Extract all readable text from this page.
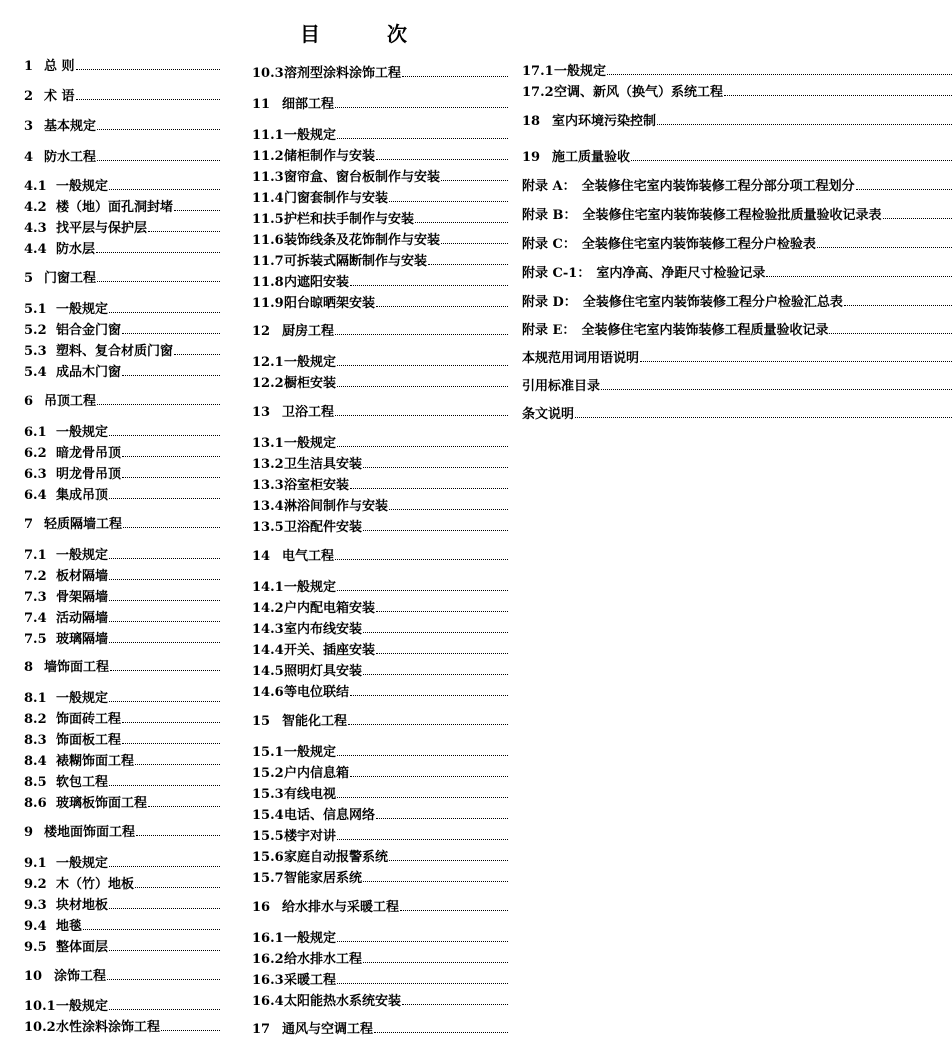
目 次
1 总 则
2 术 语
3 基本规定
4 防水工程
4.1 一般规定
4.2 楼（地）面孔洞封堵
4.3 找平层与保护层
4.4 防水层
5 门窗工程
5.1 一般规定
5.2 铝合金门窗
5.3 塑料、复合材质门窗
5.4 成品木门窗
6 吊顶工程
6.1 一般规定
6.2 暗龙骨吊顶
6.3 明龙骨吊顶
6.4 集成吊顶
7 轻质隔墙工程
7.1 一般规定
7.2 板材隔墙
7.3 骨架隔墙
7.4 活动隔墙
7.5 玻璃隔墙
8 墙饰面工程
8.1 一般规定
8.2 饰面砖工程
8.3 饰面板工程
8.4 裱糊饰面工程
8.5 软包工程
8.6 玻璃板饰面工程
9 楼地面饰面工程
9.1 一般规定
9.2 木（竹）地板
9.3 块材地板
9.4 地毯
9.5 整体面层
10 涂饰工程
10.1 一般规定
10.2 水性涂料涂饰工程
10.3 溶剂型涂料涂饰工程
11 细部工程
11.1 一般规定
11.2 储柜制作与安装
11.3 窗帘盒、窗台板制作与安装
11.4 门窗套制作与安装
11.5 护栏和扶手制作与安装
11.6 装饰线条及花饰制作与安装
11.7 可拆装式隔断制作与安装
11.8 内遮阳安装
11.9 阳台晾晒架安装
12 厨房工程
12.1 一般规定
12.2 橱柜安装
13 卫浴工程
13.1 一般规定
13.2 卫生洁具安装
13.3 浴室柜安装
13.4 淋浴间制作与安装
13.5 卫浴配件安装
14 电气工程
14.1 一般规定
14.2 户内配电箱安装
14.3 室内布线安装
14.4 开关、插座安装
14.5 照明灯具安装
14.6 等电位联结
15 智能化工程
15.1 一般规定
15.2 户内信息箱
15.3 有线电视
15.4 电话、信息网络
15.5 楼宇对讲
15.6 家庭自动报警系统
15.7 智能家居系统
16 给水排水与采暖工程
16.1 一般规定
16.2 给水排水工程
16.3 采暖工程
16.4 太阳能热水系统安装
17 通风与空调工程
17.1 一般规定
17.2 空调、新风（换气）系统工程
18 室内环境污染控制
19 施工质量验收
附录 A： 全装修住宅室内装饰装修工程分部分项工程划分
附录 B： 全装修住宅室内装饰装修工程检验批质量验收记录表
附录 C： 全装修住宅室内装饰装修工程分户检验表
附录 C-1： 室内净高、净距尺寸检验记录
附录 D： 全装修住宅室内装饰装修工程分户检验汇总表
附录 E： 全装修住宅室内装饰装修工程质量验收记录
本规范用词用语说明
引用标准目录
条文说明
